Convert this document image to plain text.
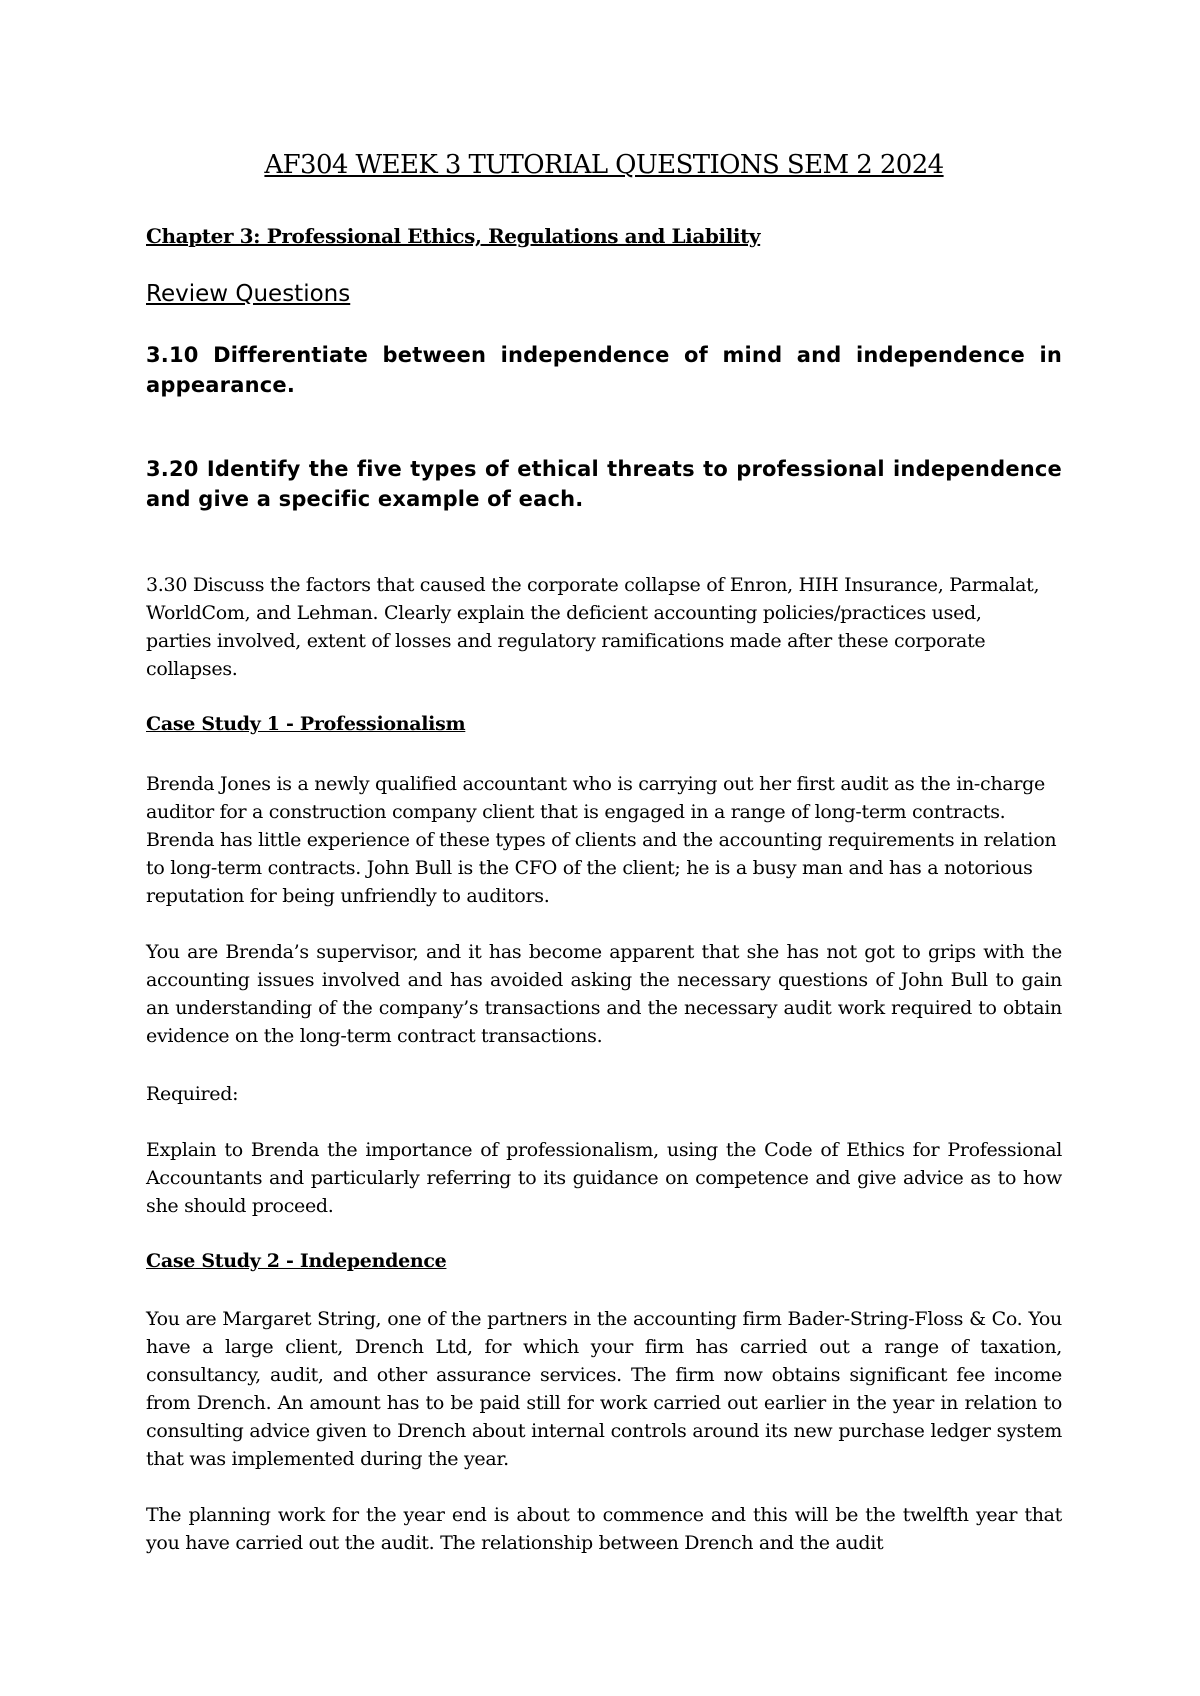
AF304 WEEK 3 TUTORIAL QUESTIONS SEM 2 2024
Chapter 3: Professional Ethics, Regulations and Liability
Review Questions

3.10 Differentiate between independence of mind and independence in appearance.

3.20 Identify the five types of ethical threats to professional independence and give a specific example of each.

3.30 Discuss the factors that caused the corporate collapse of Enron, HIH Insurance, Parmalat, WorldCom, and Lehman. Clearly explain the deficient accounting policies/practices used, parties involved, extent of losses and regulatory ramifications made after these corporate collapses.

Case Study 1 - Professionalism

Brenda Jones is a newly qualified accountant who is carrying out her first audit as the in-charge auditor for a construction company client that is engaged in a range of long-term contracts. Brenda has little experience of these types of clients and the accounting requirements in relation to long-term contracts. John Bull is the CFO of the client; he is a busy man and has a notorious reputation for being unfriendly to auditors.

You are Brenda’s supervisor, and it has become apparent that she has not got to grips with the accounting issues involved and has avoided asking the necessary questions of John Bull to gain an understanding of the company’s transactions and the necessary audit work required to obtain evidence on the long-term contract transactions.

Required:

Explain to Brenda the importance of professionalism, using the Code of Ethics for Professional Accountants and particularly referring to its guidance on competence and give advice as to how she should proceed.

Case Study 2 - Independence

You are Margaret String, one of the partners in the accounting firm Bader-String-Floss & Co. You have a large client, Drench Ltd, for which your firm has carried out a range of taxation, consultancy, audit, and other assurance services. The firm now obtains significant fee income from Drench. An amount has to be paid still for work carried out earlier in the year in relation to consulting advice given to Drench about internal controls around its new purchase ledger system that was implemented during the year.

The planning work for the year end is about to commence and this will be the twelfth year that you have carried out the audit. The relationship between Drench and the audit
